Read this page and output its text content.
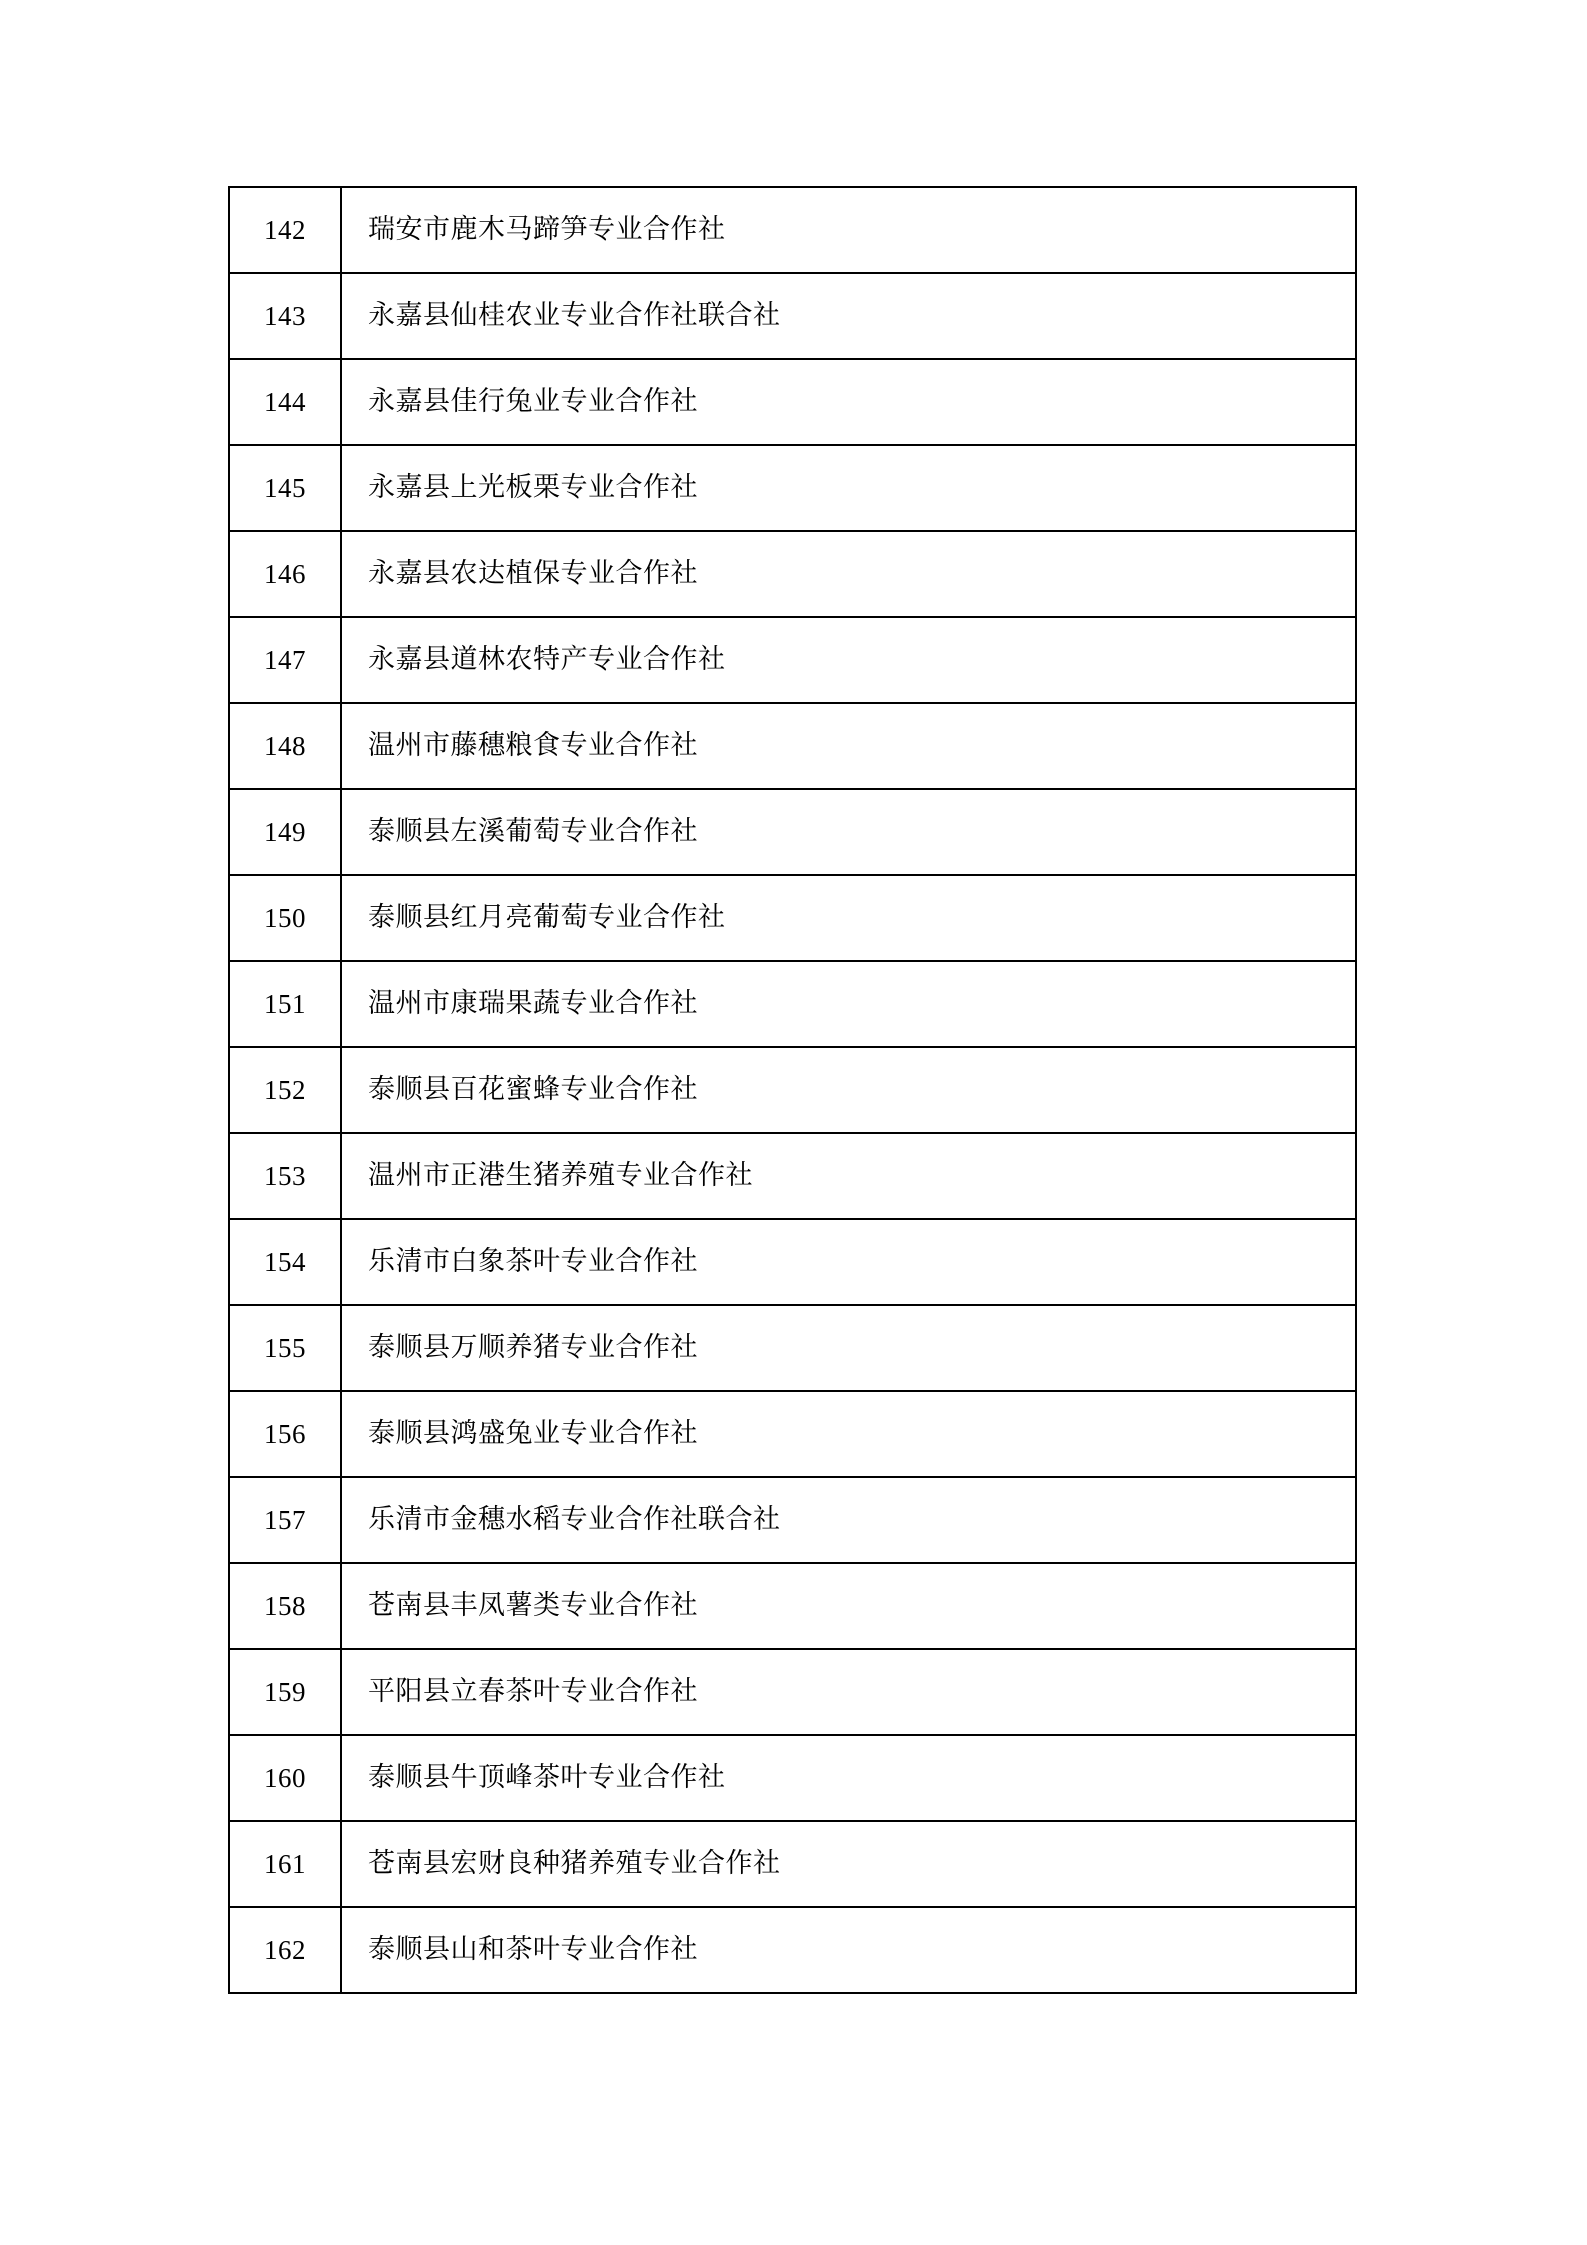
142	瑞安市鹿木马蹄笋专业合作社
143	永嘉县仙桂农业专业合作社联合社
144	永嘉县佳行兔业专业合作社
145	永嘉县上光板栗专业合作社
146	永嘉县农达植保专业合作社
147	永嘉县道林农特产专业合作社
148	温州市藤穗粮食专业合作社
149	泰顺县左溪葡萄专业合作社
150	泰顺县红月亮葡萄专业合作社
151	温州市康瑞果蔬专业合作社
152	泰顺县百花蜜蜂专业合作社
153	温州市正港生猪养殖专业合作社
154	乐清市白象茶叶专业合作社
155	泰顺县万顺养猪专业合作社
156	泰顺县鸿盛兔业专业合作社
157	乐清市金穗水稻专业合作社联合社
158	苍南县丰凤薯类专业合作社
159	平阳县立春茶叶专业合作社
160	泰顺县牛顶峰茶叶专业合作社
161	苍南县宏财良种猪养殖专业合作社
162	泰顺县山和茶叶专业合作社
